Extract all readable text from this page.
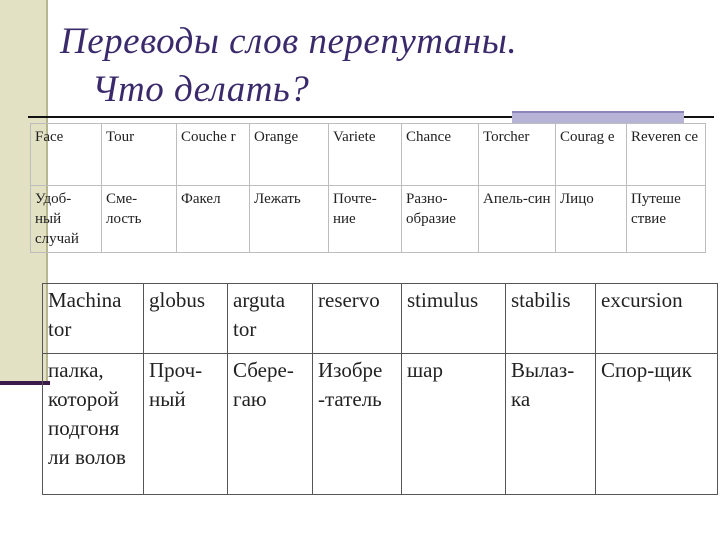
Переводы слов перепутаны.
Что делать?
Face	Tour	Couche r	Orange	Variete	Chance	Torcher	Courag e	Reveren ce
Удоб-ный случай	Сме-лость	Факел	Лежать	Почте-ние	Разно-образие	Апель-син	Лицо	Путеше ствие
Machina tor	globus	arguta tor	reservo	stimulus	stabilis	excursion
палка, которой подгоня ли волов	Проч-ный	Сбере-гаю	Изобре -татель	шар	Вылаз-ка	Спор-щик
